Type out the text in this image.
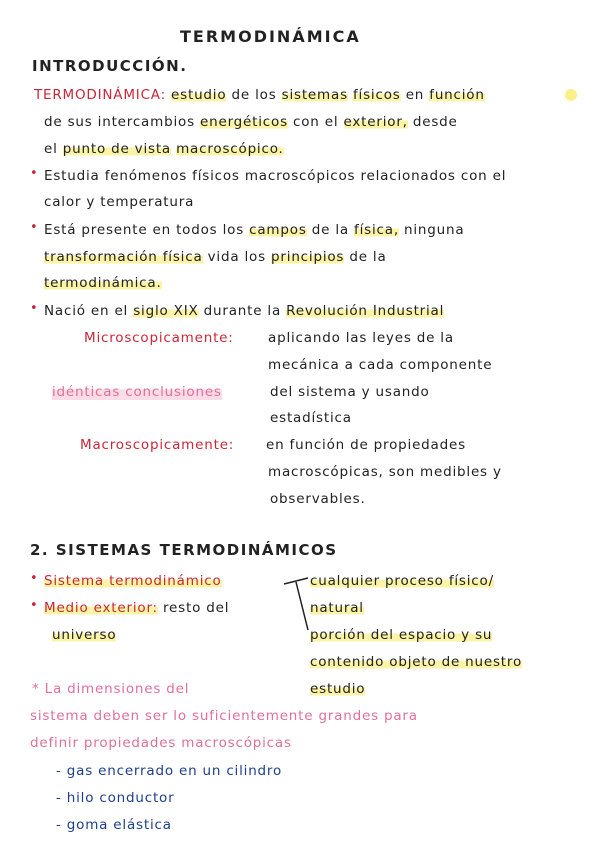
TERMODINÁMICA
INTRODUCCIÓN.
TERMODINÁMICA: estudio de los sistemas físicos en función
de sus intercambios energéticos con el exterior, desde
el punto de vista macroscópico.
• Estudia fenómenos físicos macroscópicos relacionados con el
calor y temperatura
• Está presente en todos los campos de la física, ninguna
transformación física vida los principios de la
termodinámica.
• Nació en el siglo XIX durante la Revolución Industrial
Microscopicamente:	aplicando las leyes de la
mecánica a cada componente
idénticas conclusiones	del sistema y usando
estadística
Macroscopicamente: en función de propiedades
macroscópicas, son medibles y
observables.
2. SISTEMAS TERMODINÁMICOS
• Sistema termodinámico
• Medio exterior: resto del
universo
cualquier proceso físico/
natural
porción del espacio y su
contenido objeto de nuestro
estudio
* La dimensiones del
sistema deben ser lo suficientemente grandes para
definir propiedades macroscópicas
- gas encerrado en un cilindro
- hilo conductor
- goma elástica
